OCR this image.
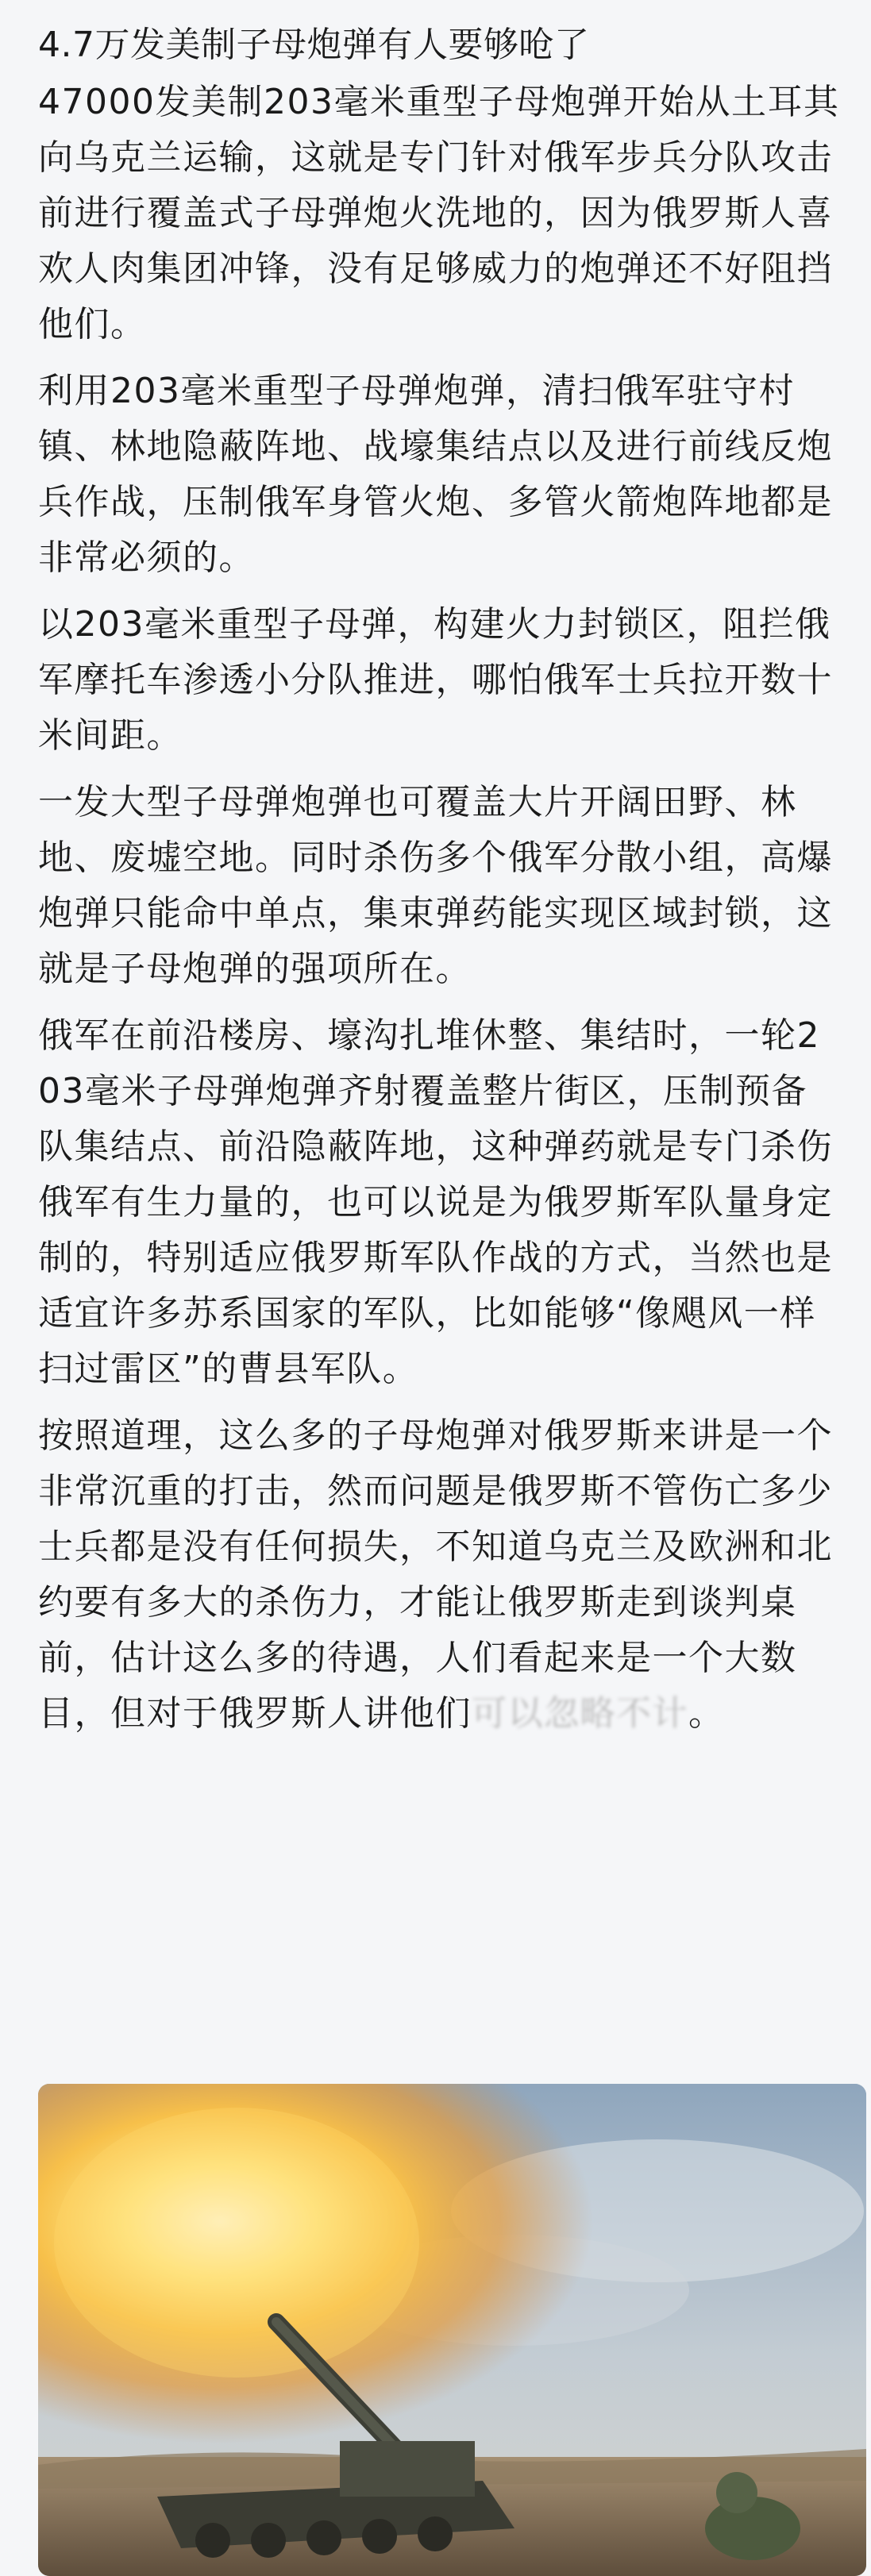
4.7万发美制子母炮弹有人要够呛了

47000发美制203毫米重型子母炮弹开始从土耳其向乌克兰运输，这就是专门针对俄军步兵分队攻击前进行覆盖式子母弹炮火洗地的，因为俄罗斯人喜欢人肉集团冲锋，没有足够威力的炮弹还不好阻挡他们。

利用203毫米重型子母弹炮弹，清扫俄军驻守村镇、林地隐蔽阵地、战壕集结点以及进行前线反炮兵作战，压制俄军身管火炮、多管火箭炮阵地都是非常必须的。

以203毫米重型子母弹，构建火力封锁区，阻拦俄军摩托车渗透小分队推进，哪怕俄军士兵拉开数十米间距。

一发大型子母弹炮弹也可覆盖大片开阔田野、林地、废墟空地。同时杀伤多个俄军分散小组，高爆炮弹只能命中单点，集束弹药能实现区域封锁，这就是子母炮弹的强项所在。

俄军在前沿楼房、壕沟扎堆休整、集结时，一轮203毫米子母弹炮弹齐射覆盖整片街区，压制预备队集结点、前沿隐蔽阵地，这种弹药就是专门杀伤俄军有生力量的，也可以说是为俄罗斯军队量身定制的，特别适应俄罗斯军队作战的方式，当然也是适宜许多苏系国家的军队，比如能够“像飓风一样扫过雷区”的曹县军队。

按照道理，这么多的子母炮弹对俄罗斯来讲是一个非常沉重的打击，然而问题是俄罗斯不管伤亡多少士兵都是没有任何损失，不知道乌克兰及欧洲和北约要有多大的杀伤力，才能让俄罗斯走到谈判桌前，估计这么多的待遇，人们看起来是一个大数目，但对于俄罗斯人讲他们可以忽略不计。
